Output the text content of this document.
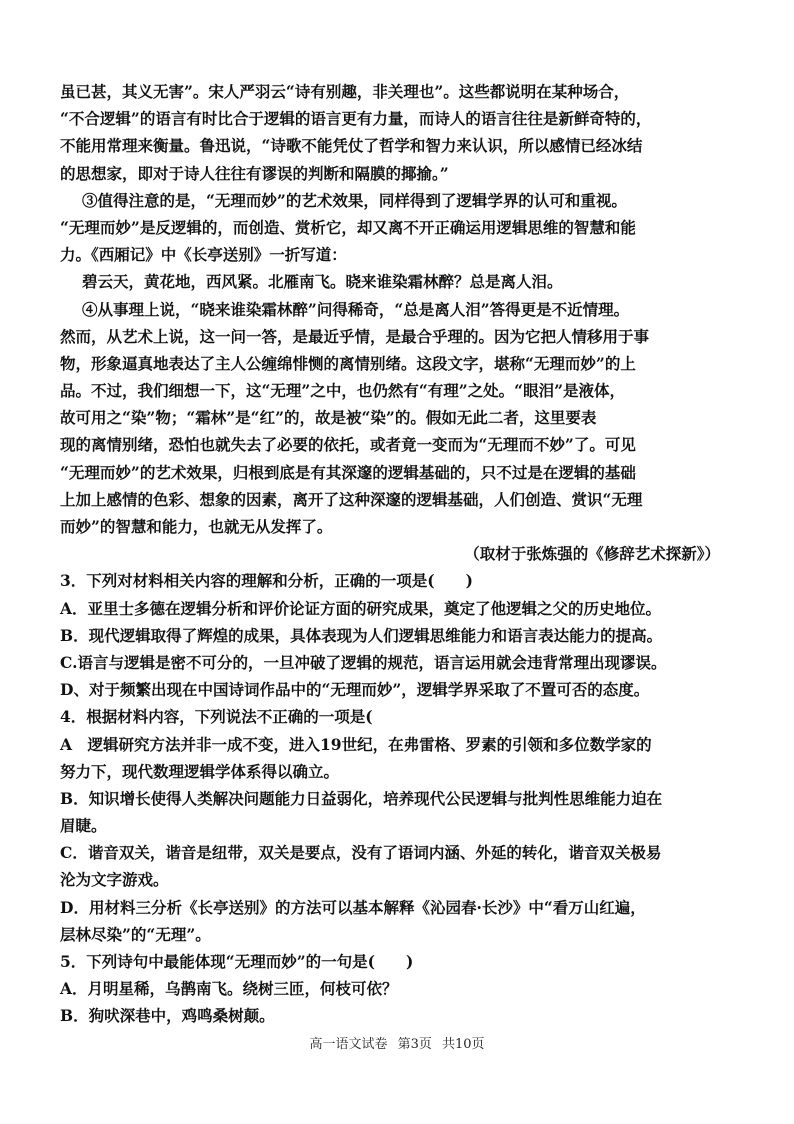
虽已甚，其义无害”。宋人严羽云“诗有别趣，非关理也”。这些都说明在某种场合，
“不合逻辑”的语言有时比合于逻辑的语言更有力量，而诗人的语言往往是新鲜奇特的，
不能用常理来衡量。鲁迅说，“诗歌不能凭仗了哲学和智力来认识，所以感情已经冰结
的思想家，即对于诗人往往有谬误的判断和隔膜的揶揄。”
③值得注意的是，“无理而妙”的艺术效果，同样得到了逻辑学界的认可和重视。
“无理而妙”是反逻辑的，而创造、赏析它，却又离不开正确运用逻辑思维的智慧和能
力。《西厢记》中《长亭送别》一折写道：
碧云天，黄花地，西风紧。北雁南飞。晓来谁染霜林醉？总是离人泪。
④从事理上说，“晓来谁染霜林醉”问得稀奇，“总是离人泪”答得更是不近情理。
然而，从艺术上说，这一问一答，是最近乎情，是最合乎理的。因为它把人情移用于事
物，形象逼真地表达了主人公缠绵悱恻的离情别绪。这段文字，堪称“无理而妙”的上
品。不过，我们细想一下，这“无理”之中，也仍然有“有理”之处。“眼泪”是液体，
故可用之“染”物；“霜林”是“红”的，故是被“染”的。假如无此二者，这里要表
现的离情别绪，恐怕也就失去了必要的依托，或者竟一变而为“无理而不妙”了。可见
“无理而妙”的艺术效果，归根到底是有其深邃的逻辑基础的，只不过是在逻辑的基础
上加上感情的色彩、想象的因素，离开了这种深邃的逻辑基础，人们创造、赏识“无理
而妙”的智慧和能力，也就无从发挥了。
（取材于张炼强的《修辞艺术探新》）
3．下列对材料相关内容的理解和分析，正确的一项是(　　)
A．亚里士多德在逻辑分析和评价论证方面的研究成果，奠定了他逻辑之父的历史地位。
B．现代逻辑取得了辉煌的成果，具体表现为人们逻辑思维能力和语言表达能力的提高。
C.语言与逻辑是密不可分的，一旦冲破了逻辑的规范，语言运用就会违背常理出现谬误。
D、对于频繁出现在中国诗词作品中的“无理而妙”，逻辑学界采取了不置可否的态度。
4．根据材料内容，下列说法不正确的一项是(
A　逻辑研究方法并非一成不变，进入19世纪，在弗雷格、罗素的引领和多位数学家的
努力下，现代数理逻辑学体系得以确立。
B．知识增长使得人类解决问题能力日益弱化，培养现代公民逻辑与批判性思维能力迫在
眉睫。
C．谐音双关，谐音是纽带，双关是要点，没有了语词内涵、外延的转化，谐音双关极易
沦为文字游戏。
D．用材料三分析《长亭送别》的方法可以基本解释《沁园春·长沙》中“看万山红遍，
层林尽染”的“无理”。
5．下列诗句中最能体现“无理而妙”的一句是(　　)
A．月明星稀，乌鹊南飞。绕树三匝，何枝可依？
B．狗吠深巷中，鸡鸣桑树颠。
高一语文试卷 第3页 共10页
